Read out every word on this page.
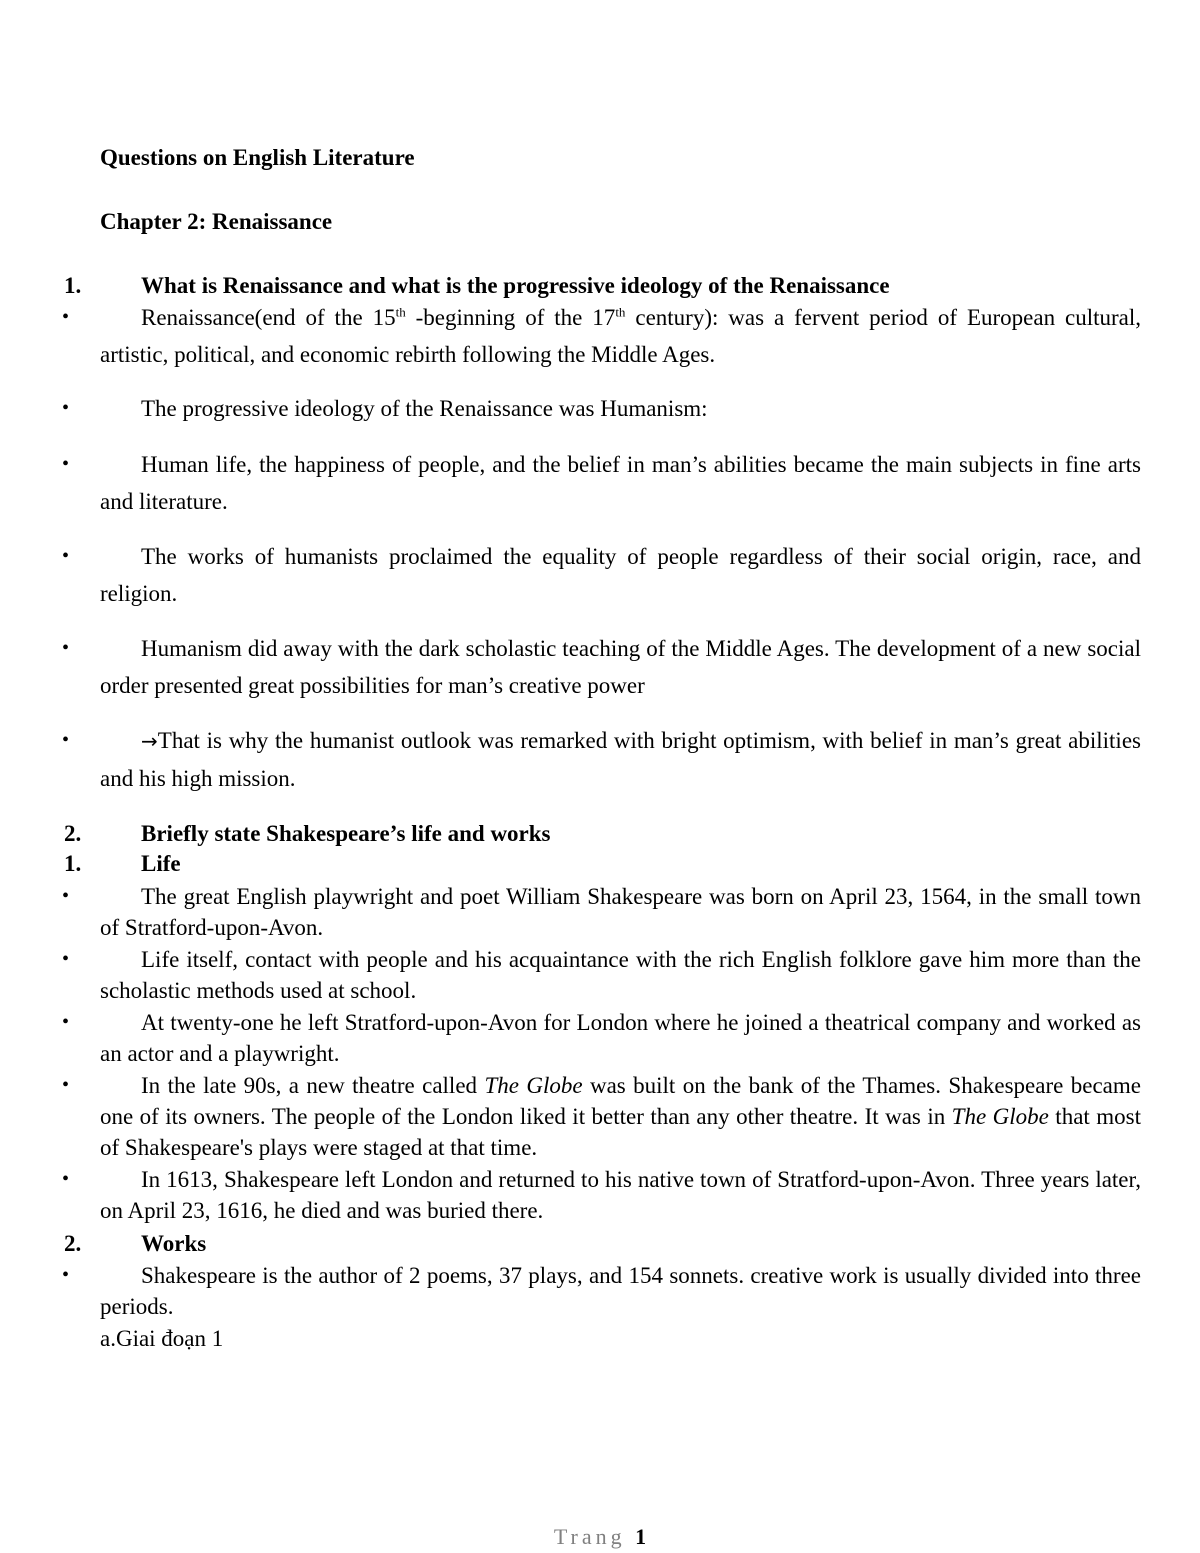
Questions on English Literature
Chapter 2: Renaissance
1.	What is Renaissance and what is the progressive ideology of the Renaissance
•	Renaissance(end of the 15th -beginning of the 17th century): was a fervent period of European cultural, artistic, political, and economic rebirth following the Middle Ages.
•	The progressive ideology of the Renaissance was Humanism:
•	Human life, the happiness of people, and the belief in man’s abilities became the main subjects in fine arts and literature.
•	The works of humanists proclaimed the equality of people regardless of their social origin, race, and religion.
•	Humanism did away with the dark scholastic teaching of the Middle Ages. The development of a new social order presented great possibilities for man’s creative power
•	→That is why the humanist outlook was remarked with bright optimism, with belief in man’s great abilities and his high mission.
2.	Briefly state Shakespeare’s life and works
1.	Life
•	The great English playwright and poet William Shakespeare was born on April 23, 1564, in the small town of Stratford-upon-Avon.
•	Life itself, contact with people and his acquaintance with the rich English folklore gave him more than the scholastic methods used at school.
•	At twenty-one he left Stratford-upon-Avon for London where he joined a theatrical company and worked as an actor and a playwright.
•	In the late 90s, a new theatre called The Globe was built on the bank of the Thames. Shakespeare became one of its owners. The people of the London liked it better than any other theatre. It was in The Globe that most of Shakespeare's plays were staged at that time.
•	In 1613, Shakespeare left London and returned to his native town of Stratford-upon-Avon. Three years later, on April 23, 1616, he died and was buried there.
2.	Works
•	Shakespeare is the author of 2 poems, 37 plays, and 154 sonnets. creative work is usually divided into three periods.
a.Giai đoạn 1
Trang 1
